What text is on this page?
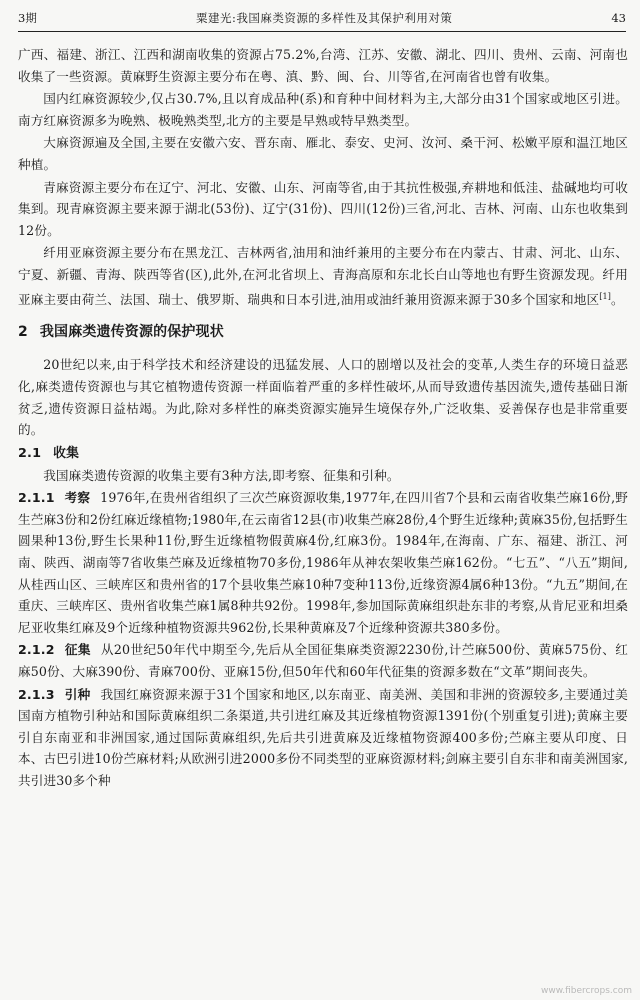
3期	粟建光:我国麻类资源的多样性及其保护利用对策	43

广西、福建、浙江、江西和湖南收集的资源占75.2%,台湾、江苏、安徽、湖北、四川、贵州、云南、河南也收集了一些资源。黄麻野生资源主要分布在粤、滇、黔、闽、台、川等省,在河南省也曾有收集。

国内红麻资源较少,仅占30.7%,且以育成品种(系)和育种中间材料为主,大部分由31个国家或地区引进。南方红麻资源多为晚熟、极晚熟类型,北方的主要是早熟或特早熟类型。

大麻资源遍及全国,主要在安徽六安、晋东南、雁北、泰安、史河、汝河、桑干河、松嫩平原和温江地区种植。

青麻资源主要分布在辽宁、河北、安徽、山东、河南等省,由于其抗性极强,弃耕地和低洼、盐碱地均可收集到。现青麻资源主要来源于湖北(53份)、辽宁(31份)、四川(12份)三省,河北、吉林、河南、山东也收集到12份。

纤用亚麻资源主要分布在黑龙江、吉林两省,油用和油纤兼用的主要分布在内蒙古、甘肃、河北、山东、宁夏、新疆、青海、陕西等省(区),此外,在河北省坝上、青海高原和东北长白山等地也有野生资源发现。纤用亚麻主要由荷兰、法国、瑞士、俄罗斯、瑞典和日本引进,油用或油纤兼用资源来源于30多个国家和地区[1]。

2 我国麻类遗传资源的保护现状

20世纪以来,由于科学技术和经济建设的迅猛发展、人口的剧增以及社会的变革,人类生存的环境日益恶化,麻类遗传资源也与其它植物遗传资源一样面临着严重的多样性破坏,从而导致遗传基因流失,遗传基础日渐贫乏,遗传资源日益枯竭。为此,除对多样性的麻类资源实施异生境保存外,广泛收集、妥善保存也是非常重要的。

2.1 收集

我国麻类遗传资源的收集主要有3种方法,即考察、征集和引种。

2.1.1 考察 1976年,在贵州省组织了三次苎麻资源收集,1977年,在四川省7个县和云南省收集苎麻16份,野生苎麻3份和2份红麻近缘植物;1980年,在云南省12县(市)收集苎麻28份,4个野生近缘种;黄麻35份,包括野生圆果种13份,野生长果种11份,野生近缘植物假黄麻4份,红麻3份。1984年,在海南、广东、福建、浙江、河南、陕西、湖南等7省收集苎麻及近缘植物70多份,1986年从神农架收集苎麻162份。“七五”、“八五”期间,从桂西山区、三峡库区和贵州省的17个县收集苎麻10种7变种113份,近缘资源4属6种13份。“九五”期间,在重庆、三峡库区、贵州省收集苎麻1属8种共92份。1998年,参加国际黄麻组织赴东非的考察,从肯尼亚和坦桑尼亚收集红麻及9个近缘种植物资源共962份,长果种黄麻及7个近缘种资源共380多份。

2.1.2 征集 从20世纪50年代中期至今,先后从全国征集麻类资源2230份,计苎麻500份、黄麻575份、红麻50份、大麻390份、青麻700份、亚麻15份,但50年代和60年代征集的资源多数在“文革”期间丧失。

2.1.3 引种 我国红麻资源来源于31个国家和地区,以东南亚、南美洲、美国和非洲的资源较多,主要通过美国南方植物引种站和国际黄麻组织二条渠道,共引进红麻及其近缘植物资源1391份(个别重复引进);黄麻主要引自东南亚和非洲国家,通过国际黄麻组织,先后共引进黄麻及近缘植物资源400多份;苎麻主要从印度、日本、古巴引进10份苎麻材料;从欧洲引进2000多份不同类型的亚麻资源材料;剑麻主要引自东非和南美洲国家,共引进30多个种

www.fibercrops.com
